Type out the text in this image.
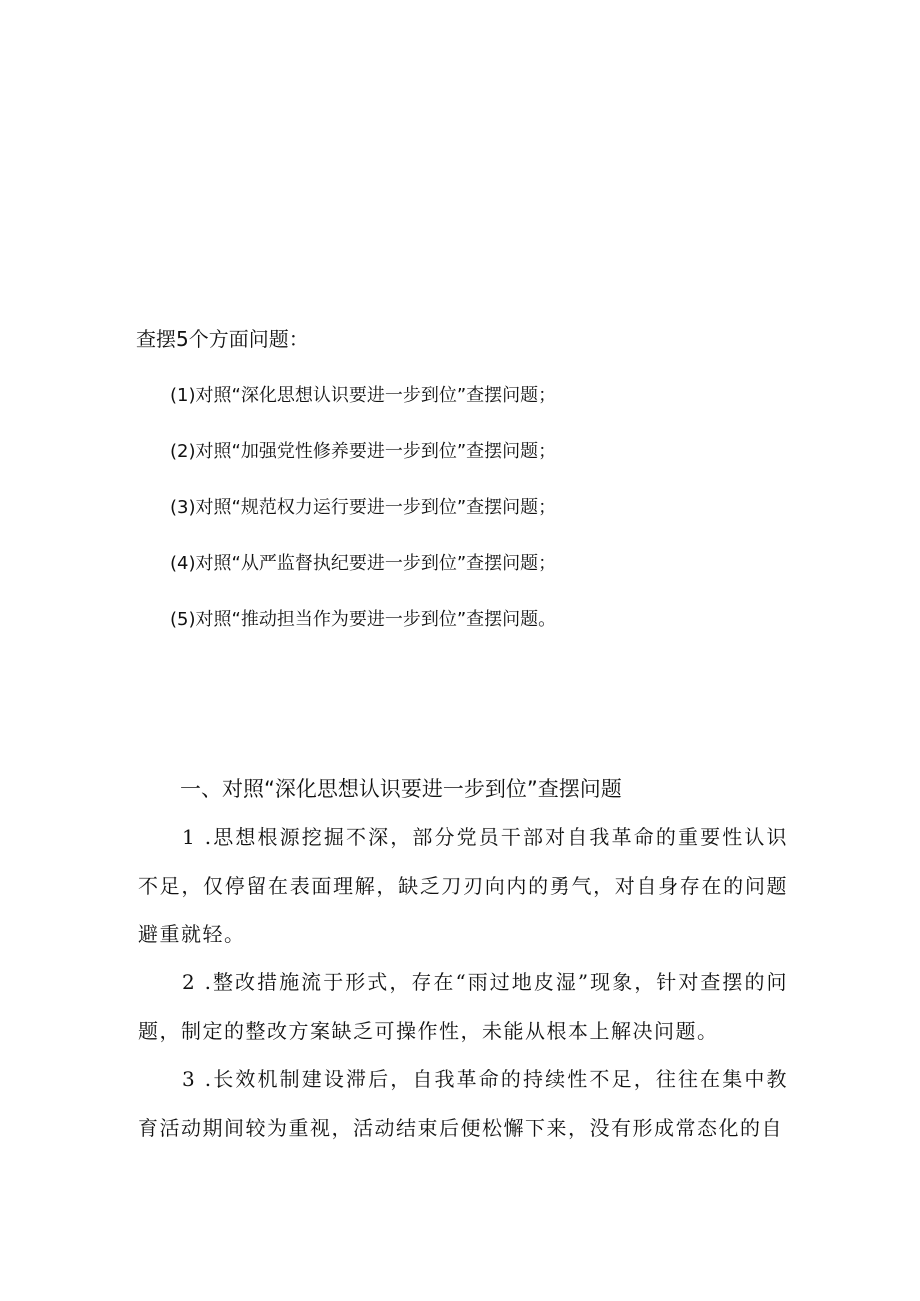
查摆5个方面问题：
(1)对照“深化思想认识要进一步到位”查摆问题；
(2)对照“加强党性修养要进一步到位”查摆问题；
(3)对照“规范权力运行要进一步到位”查摆问题；
(4)对照“从严监督执纪要进一步到位”查摆问题；
(5)对照“推动担当作为要进一步到位”查摆问题。
一、对照“深化思想认识要进一步到位”查摆问题

1 .思想根源挖掘不深，部分党员干部对自我革命的重要性认识不足，仅停留在表面理解，缺乏刀刃向内的勇气，对自身存在的问题避重就轻。

2 .整改措施流于形式，存在“雨过地皮湿”现象，针对查摆的问题，制定的整改方案缺乏可操作性，未能从根本上解决问题。

3 .长效机制建设滞后，自我革命的持续性不足，往往在集中教育活动期间较为重视，活动结束后便松懈下来，没有形成常态化的自
